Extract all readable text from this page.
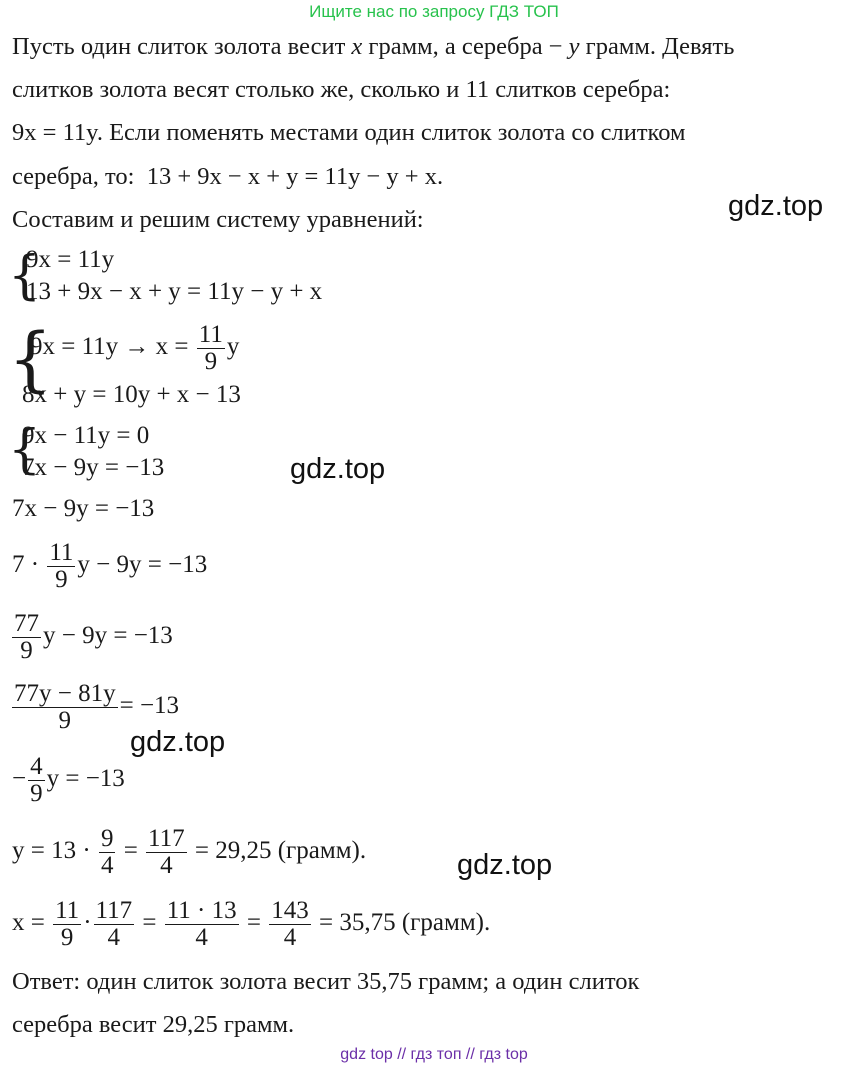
Ищите нас по запросу ГДЗ ТОП
Пусть один слиток золота весит x грамм, а серебра − y грамм. Девять
слитков золота весят столько же, сколько и 11 слитков серебра:
9x = 11y. Если поменять местами один слиток золота со слитком
серебра, то: 13 + 9x − x + y = 11y − y + x.
Составим и решим систему уравнений:
{
9x = 11y
13 + 9x − x + y = 11y − y + x
{
$9x = 11y \to x = \frac{11}{9}$ y
8x + y = 10y + x − 13
{
9x − 11y = 0
7x − 9y = −13
7x − 9y = −13
$7 \cdot \frac{11}{9}$ y − 9y = −13
$\frac{77}{9}$ y − 9y = −13
$\frac{77y - 81y}{9} = -13$
− $\frac{4}{9}$ y = −13
$y = 13 \cdot \frac{9}{4} = \frac{117}{4} = 29,25$ (грамм).
$x = \frac{11}{9} \cdot \frac{117}{4} = \frac{11 \cdot 13}{4} = \frac{143}{4} = 35,75$ (грамм).
Ответ: один слиток золота весит 35,75 грамм; а один слиток
серебра весит 29,25 грамм.
gdz.top
gdz.top
gdz.top
gdz.top
gdz top // гдз топ // гдз top
